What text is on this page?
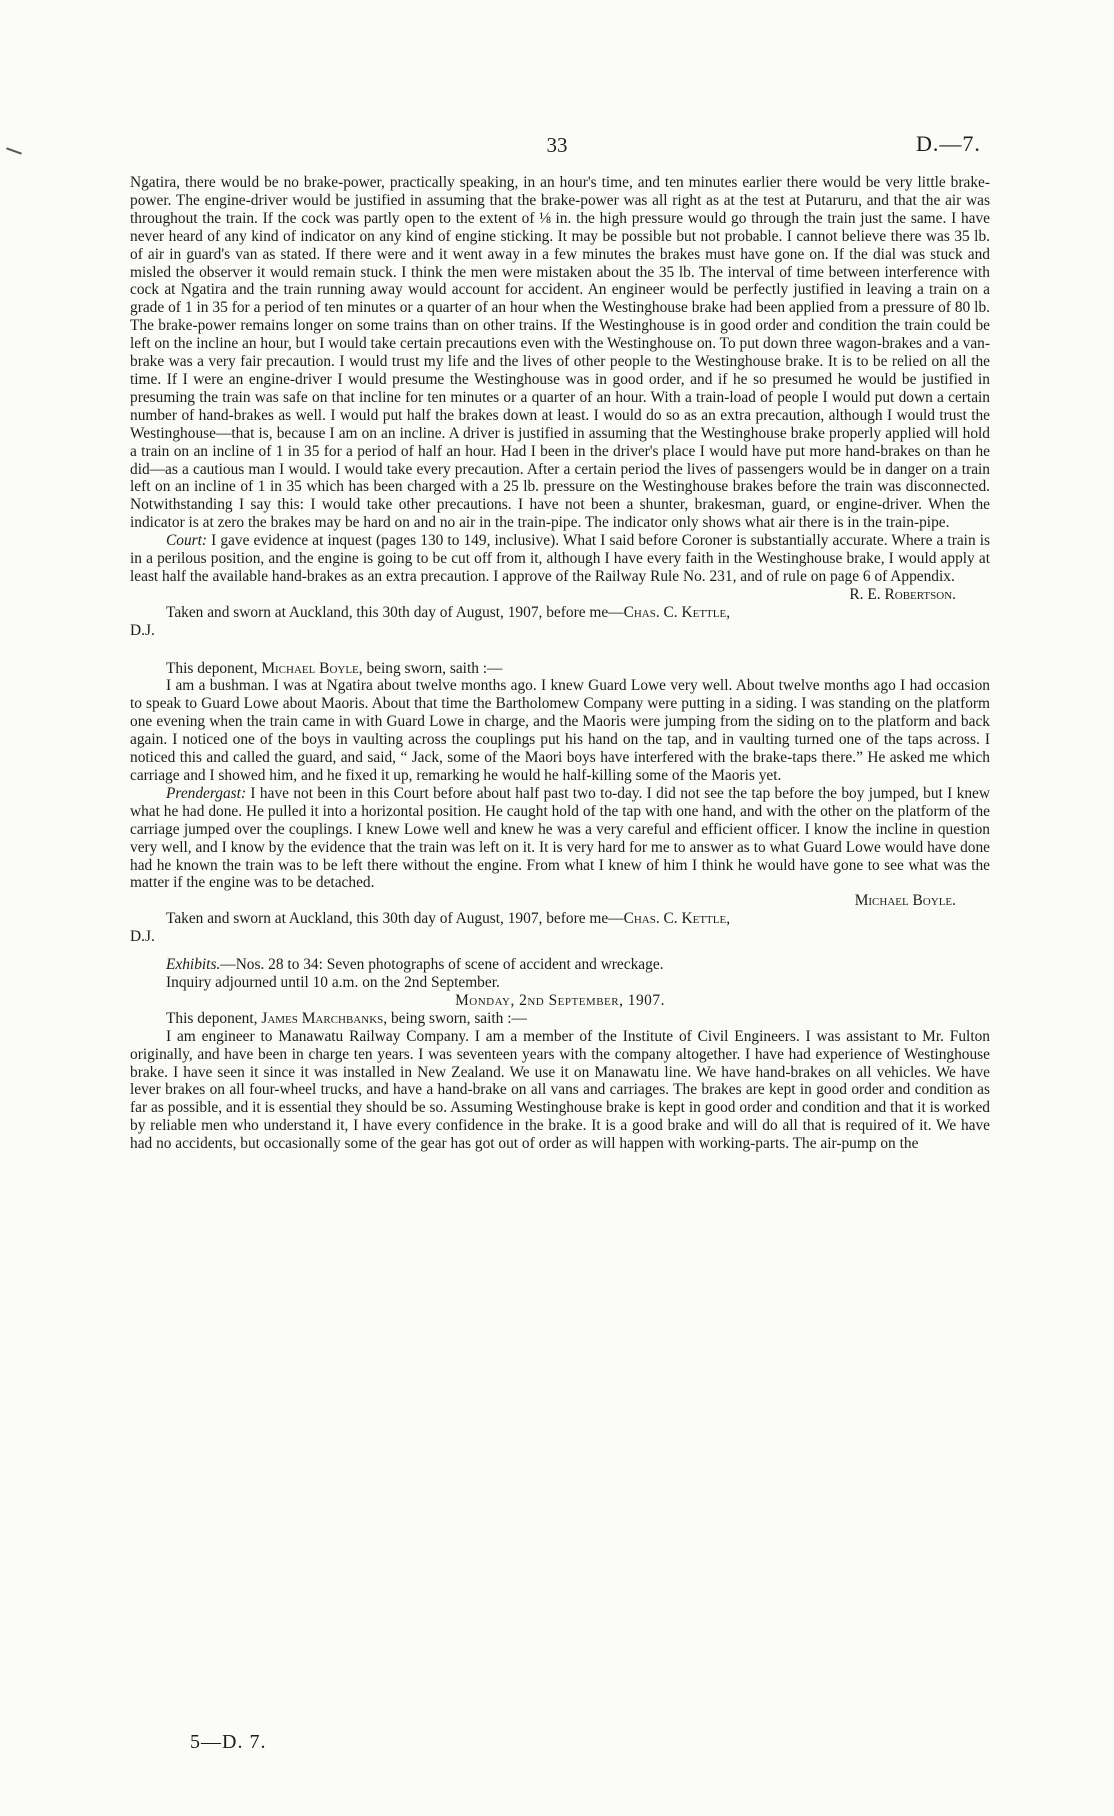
33	D.—7.

Ngatira, there would be no brake-power, practically speaking, in an hour's time, and ten minutes earlier there would be very little brake-power. The engine-driver would be justified in assuming that the brake-power was all right as at the test at Putaruru, and that the air was throughout the train. If the cock was partly open to the extent of ⅛ in. the high pressure would go through the train just the same. I have never heard of any kind of indicator on any kind of engine sticking. It may be possible but not probable. I cannot believe there was 35 lb. of air in guard's van as stated. If there were and it went away in a few minutes the brakes must have gone on. If the dial was stuck and misled the observer it would remain stuck. I think the men were mistaken about the 35 lb. The interval of time between interference with cock at Ngatira and the train running away would account for accident. An engineer would be perfectly justified in leaving a train on a grade of 1 in 35 for a period of ten minutes or a quarter of an hour when the Westinghouse brake had been applied from a pressure of 80 lb. The brake-power remains longer on some trains than on other trains. If the Westinghouse is in good order and condition the train could be left on the incline an hour, but I would take certain precautions even with the Westinghouse on. To put down three wagon-brakes and a van-brake was a very fair precaution. I would trust my life and the lives of other people to the Westinghouse brake. It is to be relied on all the time. If I were an engine-driver I would presume the Westinghouse was in good order, and if he so presumed he would be justified in presuming the train was safe on that incline for ten minutes or a quarter of an hour. With a train-load of people I would put down a certain number of hand-brakes as well. I would put half the brakes down at least. I would do so as an extra precaution, although I would trust the Westinghouse—that is, because I am on an incline. A driver is justified in assuming that the Westinghouse brake properly applied will hold a train on an incline of 1 in 35 for a period of half an hour. Had I been in the driver's place I would have put more hand-brakes on than he did—as a cautious man I would. I would take every precaution. After a certain period the lives of passengers would be in danger on a train left on an incline of 1 in 35 which has been charged with a 25 lb. pressure on the Westinghouse brakes before the train was disconnected. Notwithstanding I say this: I would take other precautions. I have not been a shunter, brakesman, guard, or engine-driver. When the indicator is at zero the brakes may be hard on and no air in the train-pipe. The indicator only shows what air there is in the train-pipe.

Court: I gave evidence at inquest (pages 130 to 149, inclusive). What I said before Coroner is substantially accurate. Where a train is in a perilous position, and the engine is going to be cut off from it, although I have every faith in the Westinghouse brake, I would apply at least half the available hand-brakes as an extra precaution. I approve of the Railway Rule No. 231, and of rule on page 6 of Appendix.

R. E. Robertson.

Taken and sworn at Auckland, this 30th day of August, 1907, before me—Chas. C. Kettle,

D.J.

This deponent, Michael Boyle, being sworn, saith :—

I am a bushman. I was at Ngatira about twelve months ago. I knew Guard Lowe very well. About twelve months ago I had occasion to speak to Guard Lowe about Maoris. About that time the Bartholomew Company were putting in a siding. I was standing on the platform one evening when the train came in with Guard Lowe in charge, and the Maoris were jumping from the siding on to the platform and back again. I noticed one of the boys in vaulting across the couplings put his hand on the tap, and in vaulting turned one of the taps across. I noticed this and called the guard, and said, “ Jack, some of the Maori boys have interfered with the brake-taps there.” He asked me which carriage and I showed him, and he fixed it up, remarking he would he half-killing some of the Maoris yet.

Prendergast: I have not been in this Court before about half past two to-day. I did not see the tap before the boy jumped, but I knew what he had done. He pulled it into a horizontal position. He caught hold of the tap with one hand, and with the other on the platform of the carriage jumped over the couplings. I knew Lowe well and knew he was a very careful and efficient officer. I know the incline in question very well, and I know by the evidence that the train was left on it. It is very hard for me to answer as to what Guard Lowe would have done had he known the train was to be left there without the engine. From what I knew of him I think he would have gone to see what was the matter if the engine was to be detached.

Michael Boyle.

Taken and sworn at Auckland, this 30th day of August, 1907, before me—Chas. C. Kettle,

D.J.

Exhibits.—Nos. 28 to 34: Seven photographs of scene of accident and wreckage.

Inquiry adjourned until 10 a.m. on the 2nd September.

Monday, 2nd September, 1907.

This deponent, James Marchbanks, being sworn, saith :—

I am engineer to Manawatu Railway Company. I am a member of the Institute of Civil Engineers. I was assistant to Mr. Fulton originally, and have been in charge ten years. I was seventeen years with the company altogether. I have had experience of Westinghouse brake. I have seen it since it was installed in New Zealand. We use it on Manawatu line. We have hand-brakes on all vehicles. We have lever brakes on all four-wheel trucks, and have a hand-brake on all vans and carriages. The brakes are kept in good order and condition as far as possible, and it is essential they should be so. Assuming Westinghouse brake is kept in good order and condition and that it is worked by reliable men who understand it, I have every confidence in the brake. It is a good brake and will do all that is required of it. We have had no accidents, but occasionally some of the gear has got out of order as will happen with working-parts. The air-pump on the

5—D. 7.
